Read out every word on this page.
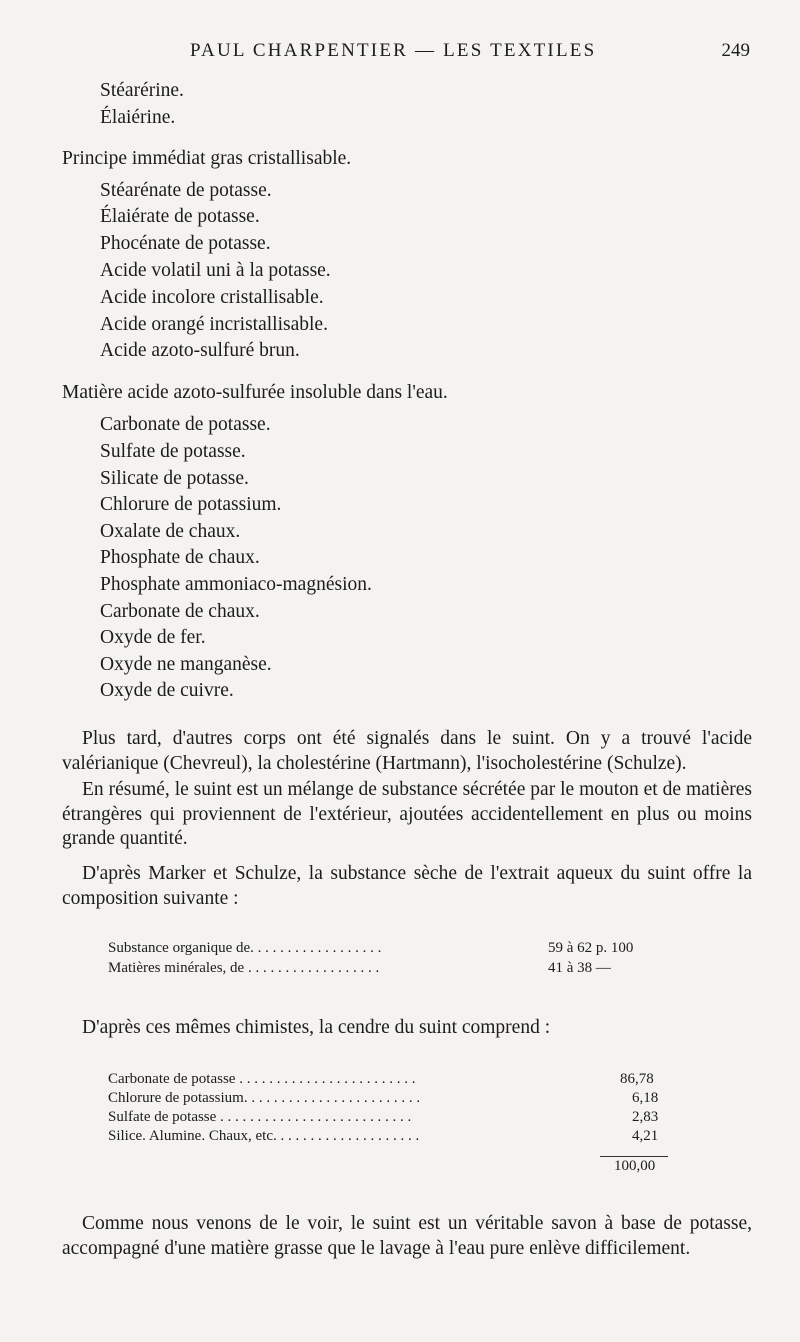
PAUL CHARPENTIER — LES TEXTILES	249
Stéarérine.
Élaiérine.
Principe immédiat gras cristallisable.
Stéarénate de potasse.
Élaiérate de potasse.
Phocénate de potasse.
Acide volatil uni à la potasse.
Acide incolore cristallisable.
Acide orangé incristallisable.
Acide azoto-sulfuré brun.
Matière acide azoto-sulfurée insoluble dans l'eau.
Carbonate de potasse.
Sulfate de potasse.
Silicate de potasse.
Chlorure de potassium.
Oxalate de chaux.
Phosphate de chaux.
Phosphate ammoniaco-magnésion.
Carbonate de chaux.
Oxyde de fer.
Oxyde ne manganèse.
Oxyde de cuivre.
Plus tard, d'autres corps ont été signalés dans le suint. On y a trouvé l'acide valérianique (Chevreul), la cholestérine (Hartmann), l'isocholestérine (Schulze).
En résumé, le suint est un mélange de substance sécrétée par le mouton et de matières étrangères qui proviennent de l'extérieur, ajoutées accidentellement en plus ou moins grande quantité.
D'après Marker et Schulze, la substance sèche de l'extrait aqueux du suint offre la composition suivante :
Substance organique de. . . . . . . . . . . . . . . . . .	59 à 62 p. 100
Matières minérales, de . . . . . . . . . . . . . . . . . .	41 à 38 —
D'après ces mêmes chimistes, la cendre du suint comprend :
Carbonate de potasse . . . . . . . . . . . . . . . . . . . . . . . .	86,78
Chlorure de potassium. . . . . . . . . . . . . . . . . . . . . . . .	6,18
Sulfate de potasse . . . . . . . . . . . . . . . . . . . . . . . . . .	2,83
Silice. Alumine. Chaux, etc. . . . . . . . . . . . . . . . . . . .	4,21
100,00
Comme nous venons de le voir, le suint est un véritable savon à base de potasse, accompagné d'une matière grasse que le lavage à l'eau pure enlève difficilement.
